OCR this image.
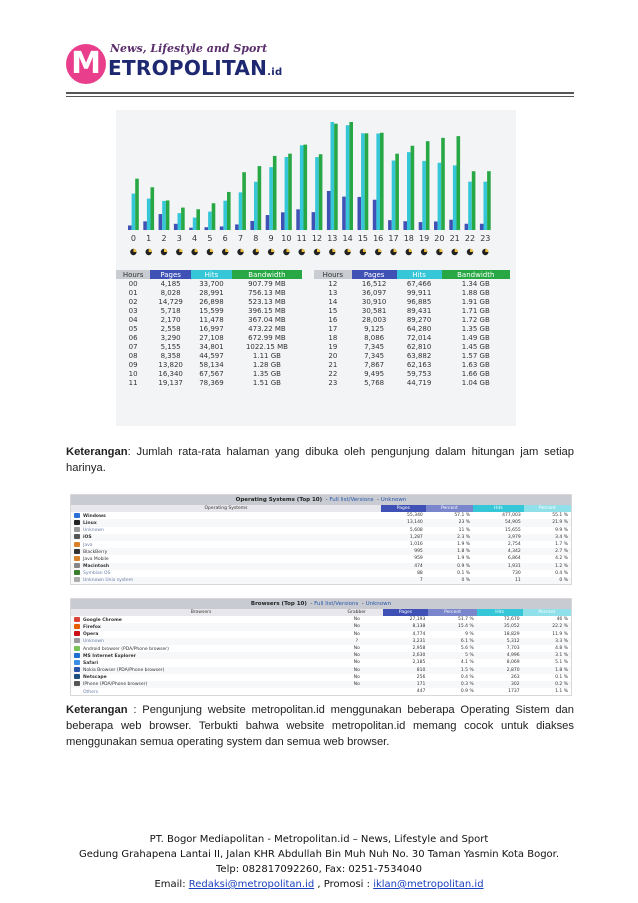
M News, Lifestyle and Sport
ETROPOLITAN.id
0 1 2 3 4 5 6 7 8 9 10 11 12 13 14 15 16 17 18 19 20 21 22 23
Hours	Pages	Hits	Bandwidth
00	4,185	33,700	907.79 MB
01	8,028	28,991	756.13 MB
02	14,729	26,898	523.13 MB
03	5,718	15,599	396.15 MB
04	2,170	11,478	367.04 MB
05	2,558	16,997	473.22 MB
06	3,290	27,108	672.99 MB
07	5,155	34,801	1022.15 MB
08	8,358	44,597	1.11 GB
09	13,820	58,134	1.28 GB
10	16,340	67,567	1.35 GB
11	19,137	78,369	1.51 GB
Hours	Pages	Hits	Bandwidth
12	16,512	67,466	1.34 GB
13	36,097	99,911	1.88 GB
14	30,910	96,885	1.91 GB
15	30,581	89,431	1.71 GB
16	28,003	89,270	1.72 GB
17	9,125	64,280	1.35 GB
18	8,086	72,014	1.49 GB
19	7,345	62,810	1.45 GB
20	7,345	63,882	1.57 GB
21	7,867	62,163	1.63 GB
22	9,495	59,753	1.66 GB
23	5,768	44,719	1.04 GB
Keterangan: Jumlah rata-rata halaman yang dibuka oleh pengunjung dalam hitungan jam setiap harinya.
Operating Systems (Top 10)  - Full list/Versions  - Unknown
Operating Systems	Pages	Percent	Hits	Percent
Windows	55,340	57.1 %	477,003	55.1 %
Linux	13,140	23 %	54,905	21.9 %
Unknown	5,608	11 %	15,655	9.9 %
iOS	1,287	2.3 %	3,979	3.4 %
Java	1,016	1.9 %	2,754	1.7 %
BlackBerry	995	1.8 %	4,342	2.7 %
Java Mobile	959	1.9 %	6,864	4.2 %
Macintosh	474	0.9 %	1,931	1.2 %
Symbian OS	88	0.1 %	730	0.4 %
Unknown Unix system	7	0 %	11	0 %
Browsers (Top 10)  - Full list/Versions  - Unknown
Browsers	Grabber	Pages	Percent	Hits	Percent
Google Chrome	No	27,193	51.7 %	72,670	46 %
Firefox	No	8,138	15.4 %	35,052	22.2 %
Opera	No	4,774	9 %	18,829	11.9 %
Unknown	?	3,231	6.1 %	5,312	3.3 %
Android browser (PDA/Phone browser)	No	2,958	5.6 %	7,703	4.8 %
MS Internet Explorer	No	2,630	5 %	4,996	3.1 %
Safari	No	2,185	4.1 %	8,069	5.1 %
Nokia Browser (PDA/Phone browser)	No	810	1.5 %	2,870	1.8 %
Netscape	No	256	0.4 %	263	0.1 %
IPhone (PDA/Phone browser)	No	171	0.3 %	302	0.2 %
Others		447	0.9 %	1737	1.1 %
Keterangan : Pengunjung website metropolitan.id menggunakan beberapa Operating Sistem dan beberapa web browser. Terbukti bahwa website metropolitan.id memang cocok untuk diakses menggunakan semua operating system dan semua web browser.
PT. Bogor Mediapolitan - Metropolitan.id – News, Lifestyle and Sport
Gedung Grahapena Lantai II, Jalan KHR Abdullah Bin Muh Nuh No. 30 Taman Yasmin Kota Bogor.
Telp: 082817092260, Fax: 0251-7534040
Email: Redaksi@metropolitan.id , Promosi : iklan@metropolitan.id
